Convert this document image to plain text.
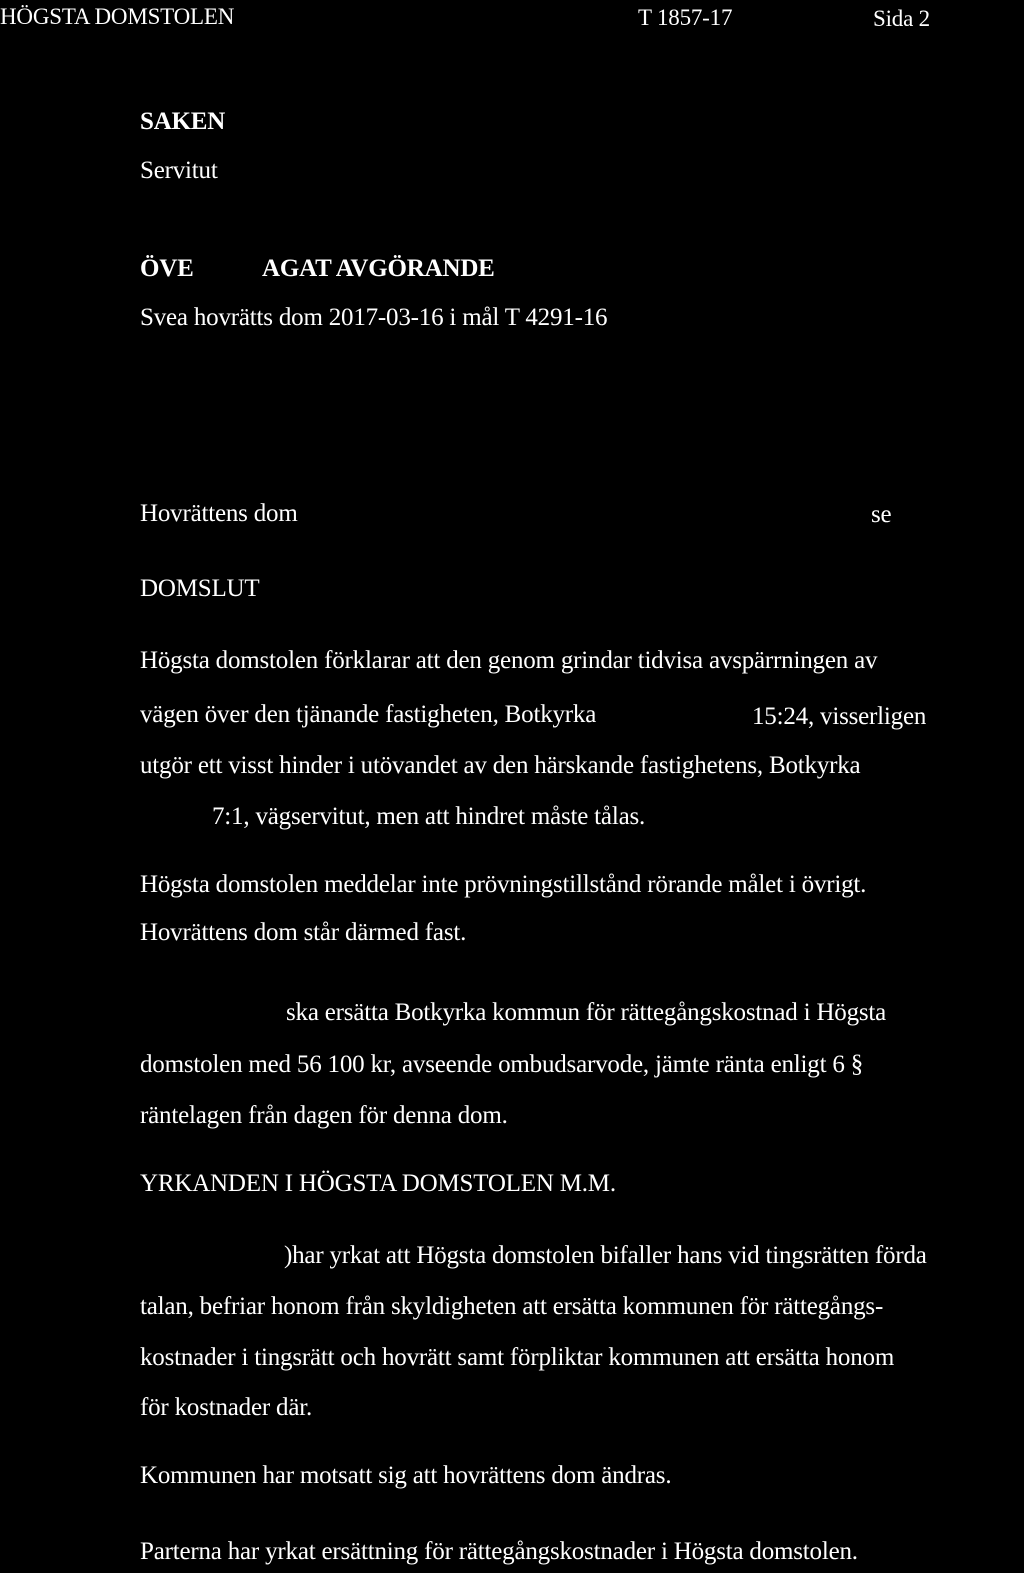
HÖGSTA DOMSTOLEN	T 1857-17	Sida 2
SAKEN
Servitut
ÖVE	AGAT AVGÖRANDE
Svea hovrätts dom 2017-03-16 i mål T 4291-16
Hovrättens dom	se
DOMSLUT
Högsta domstolen förklarar att den genom grindar tidvisa avspärrningen av
vägen över den tjänande fastigheten, Botkyrka	15:24, visserligen
utgör ett visst hinder i utövandet av den härskande fastighetens, Botkyrka
7:1, vägservitut, men att hindret måste tålas.
Högsta domstolen meddelar inte prövningstillstånd rörande målet i övrigt.
Hovrättens dom står därmed fast.
ska ersätta Botkyrka kommun för rättegångskostnad i Högsta
domstolen med 56 100 kr, avseende ombudsarvode, jämte ränta enligt 6 §
räntelagen från dagen för denna dom.
YRKANDEN I HÖGSTA DOMSTOLEN M.M.
)har yrkat att Högsta domstolen bifaller hans vid tingsrätten förda
talan, befriar honom från skyldigheten att ersätta kommunen för rättegångs-
kostnader i tingsrätt och hovrätt samt förpliktar kommunen att ersätta honom
för kostnader där.
Kommunen har motsatt sig att hovrättens dom ändras.
Parterna har yrkat ersättning för rättegångskostnader i Högsta domstolen.
